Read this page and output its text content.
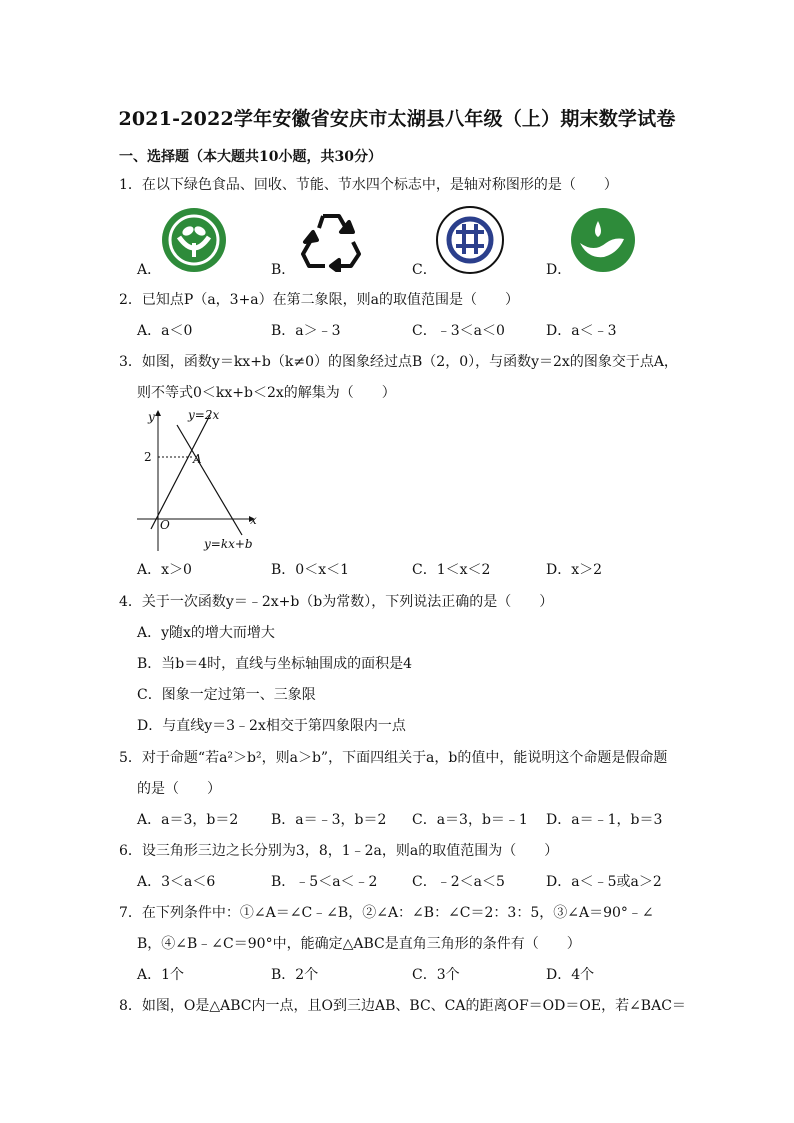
2021-2022学年安徽省安庆市太湖县八年级（上）期末数学试卷
一、选择题（本大题共10小题，共30分）
1．在以下绿色食品、回收、节能、节水四个标志中，是轴对称图形的是（　　）
A．	B．	C．	D．
2．已知点P（a，3+a）在第二象限，则a的取值范围是（　　）
A．a＜0	B．a＞﹣3	C．﹣3＜a＜0	D．a＜﹣3
3．如图，函数y＝kx+b（k≠0）的图象经过点B（2，0），与函数y＝2x的图象交于点A，
则不等式0＜kx+b＜2x的解集为（　　）
y
x
O
2	A
y=2x
y=kx+b
A．x＞0	B．0＜x＜1	C．1＜x＜2	D．x＞2
4．关于一次函数y＝﹣2x+b（b为常数），下列说法正确的是（　　）
A．y随x的增大而增大
B．当b＝4时，直线与坐标轴围成的面积是4
C．图象一定过第一、三象限
D．与直线y＝3﹣2x相交于第四象限内一点
5．对于命题“若a²＞b²，则a＞b”，下面四组关于a，b的值中，能说明这个命题是假命题
的是（　　）
A．a＝3，b＝2 B．a＝﹣3，b＝2 C．a＝3，b＝﹣1 D．a＝﹣1，b＝3
6．设三角形三边之长分别为3，8，1﹣2a，则a的取值范围为（　　）
A．3＜a＜6	B．﹣5＜a＜﹣2 C．﹣2＜a＜5	D．a＜﹣5或a＞2
7．在下列条件中：①∠A＝∠C﹣∠B，②∠A：∠B：∠C＝2：3：5，③∠A＝90°﹣∠
B，④∠B﹣∠C＝90°中，能确定△ABC是直角三角形的条件有（　　）
A．1个	B．2个	C．3个	D．4个
8．如图，O是△ABC内一点，且O到三边AB、BC、CA的距离OF＝OD＝OE，若∠BAC＝
